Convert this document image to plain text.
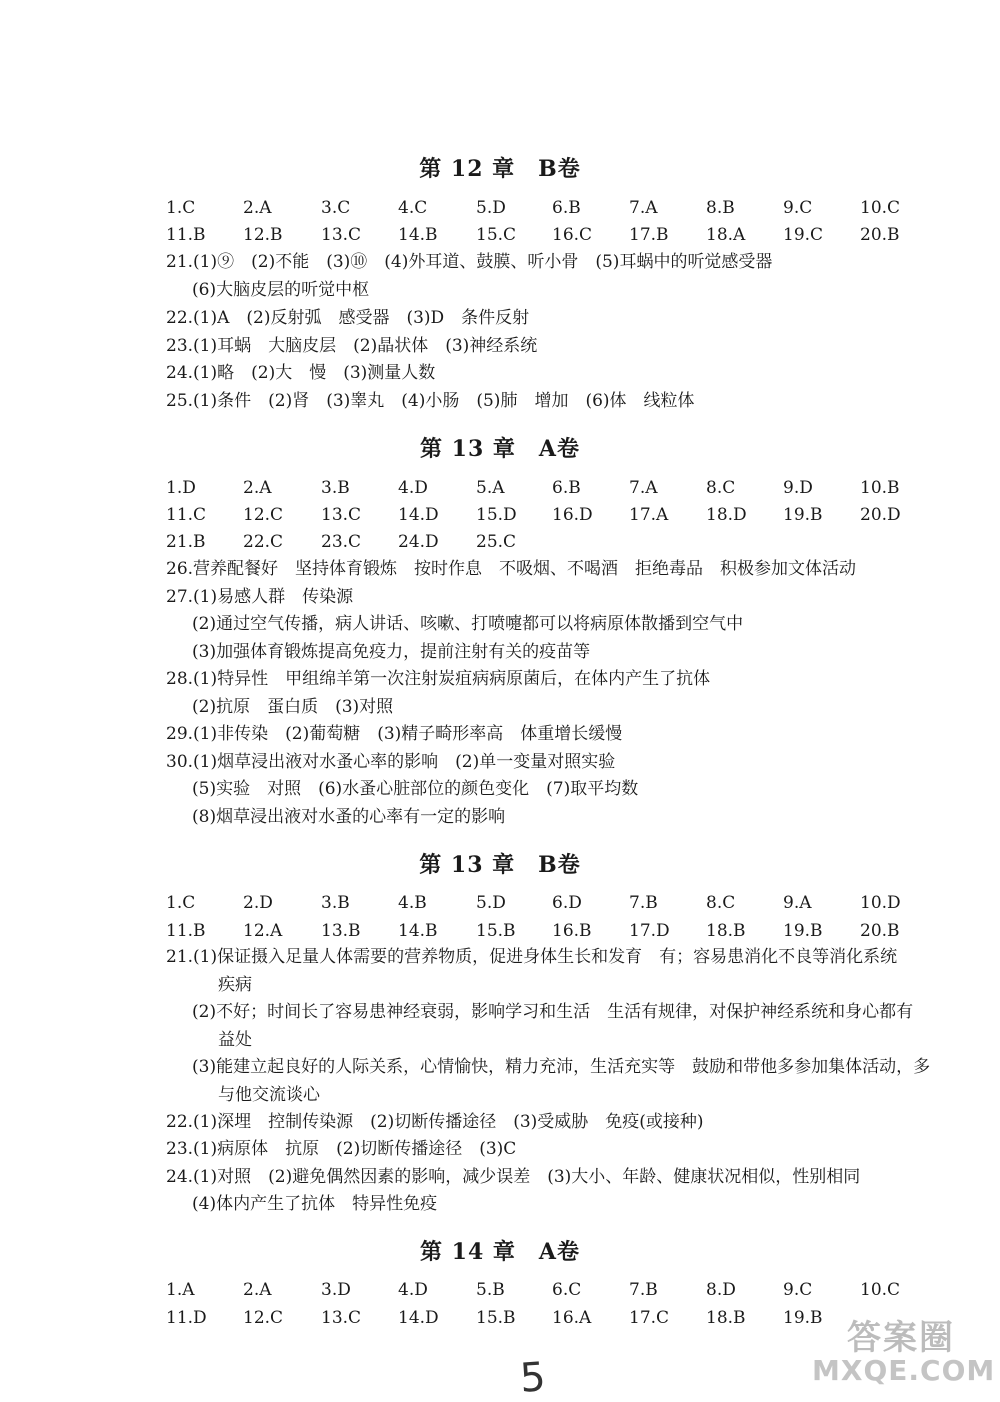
第 12 章　B卷
1.C	2.A	3.C	4.C	5.D	6.B	7.A	8.B	9.C	10.C
11.B 12.B 13.C 14.B 15.C 16.C 17.B 18.A 19.C 20.B
21.(1)⑨　(2)不能　(3)⑩　(4)外耳道、鼓膜、听小骨　(5)耳蜗中的听觉感受器
(6)大脑皮层的听觉中枢
22.(1)A　(2)反射弧　感受器　(3)D　条件反射
23.(1)耳蜗　大脑皮层　(2)晶状体　(3)神经系统
24.(1)略　(2)大　慢　(3)测量人数
25.(1)条件　(2)肾　(3)睾丸　(4)小肠　(5)肺　增加　(6)体　线粒体
第 13 章　A卷
1.D	2.A	3.B	4.D	5.A	6.B	7.A	8.C	9.D	10.B
11.C 12.C 13.C 14.D 15.D 16.D 17.A 18.D 19.B 20.D
21.B 22.C 23.C 24.D 25.C
26.营养配餐好　坚持体育锻炼　按时作息　不吸烟、不喝酒　拒绝毒品　积极参加文体活动
27.(1)易感人群　传染源
(2)通过空气传播，病人讲话、咳嗽、打喷嚏都可以将病原体散播到空气中
(3)加强体育锻炼提高免疫力，提前注射有关的疫苗等
28.(1)特异性　甲组绵羊第一次注射炭疽病病原菌后，在体内产生了抗体
(2)抗原　蛋白质　(3)对照
29.(1)非传染　(2)葡萄糖　(3)精子畸形率高　体重增长缓慢
30.(1)烟草浸出液对水蚤心率的影响　(2)单一变量对照实验
(5)实验　对照　(6)水蚤心脏部位的颜色变化　(7)取平均数
(8)烟草浸出液对水蚤的心率有一定的影响
第 13 章　B卷
1.C	2.D	3.B	4.B	5.D	6.D	7.B	8.C	9.A	10.D
11.B 12.A 13.B 14.B 15.B 16.B 17.D 18.B 19.B 20.B
21.(1)保证摄入足量人体需要的营养物质，促进身体生长和发育　有；容易患消化不良等消化系统
疾病
(2)不好；时间长了容易患神经衰弱，影响学习和生活　生活有规律，对保护神经系统和身心都有
益处
(3)能建立起良好的人际关系，心情愉快，精力充沛，生活充实等　鼓励和带他多参加集体活动，多
与他交流谈心
22.(1)深埋　控制传染源　(2)切断传播途径　(3)受威胁　免疫(或接种)
23.(1)病原体　抗原　(2)切断传播途径　(3)C
24.(1)对照　(2)避免偶然因素的影响，减少误差　(3)大小、年龄、健康状况相似，性别相同
(4)体内产生了抗体　特异性免疫
第 14 章　A卷
1.A	2.A	3.D	4.D	5.B	6.C	7.B	8.D	9.C	10.C
11.D 12.C 13.C 14.D 15.B 16.A 17.C 18.B 19.B
5
答案圈
MXQE.COM
